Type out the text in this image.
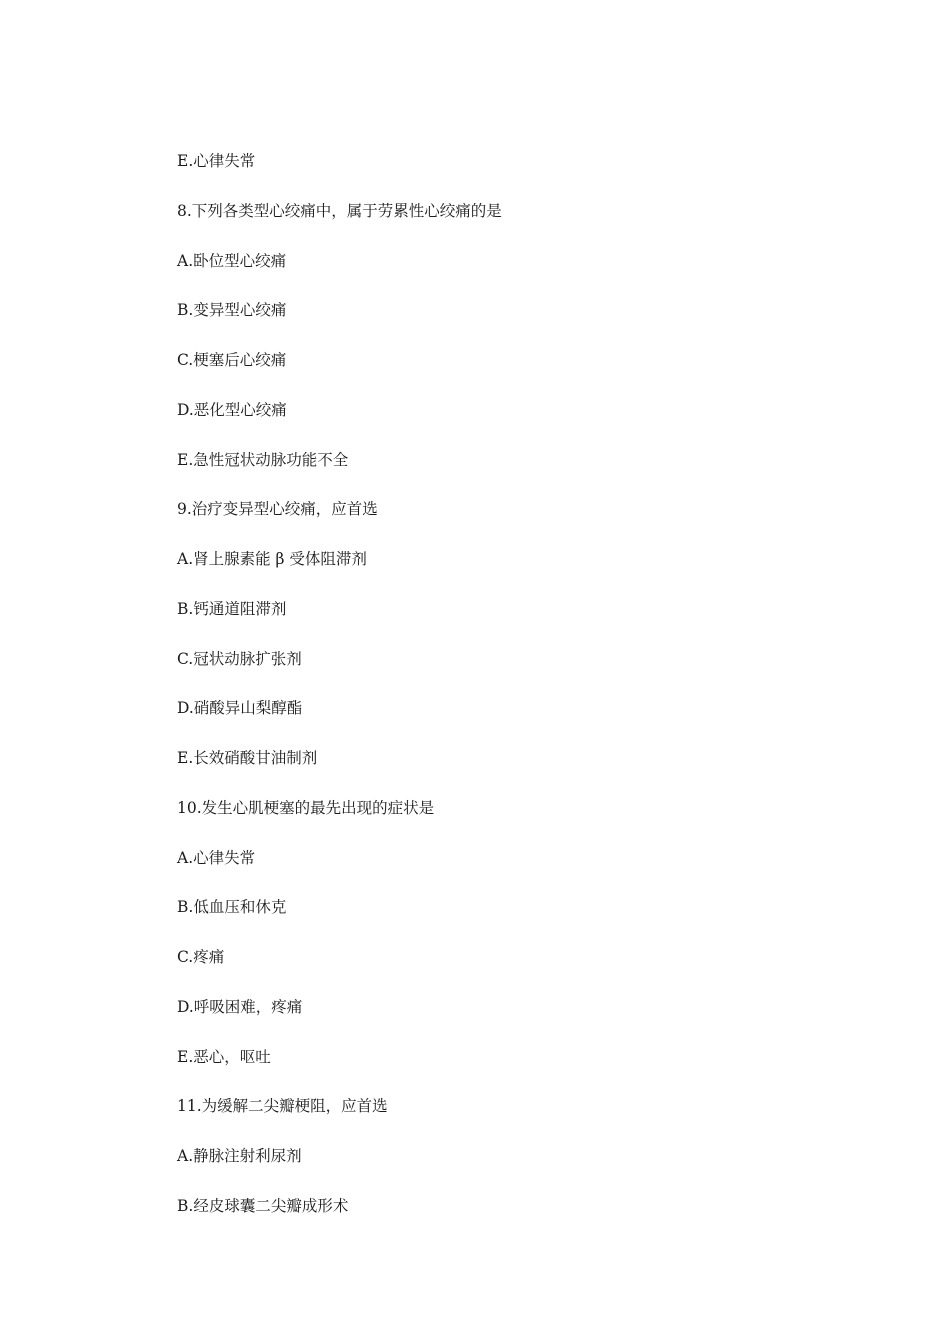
E.心律失常
8.下列各类型心绞痛中，属于劳累性心绞痛的是
A.卧位型心绞痛
B.变异型心绞痛
C.梗塞后心绞痛
D.恶化型心绞痛
E.急性冠状动脉功能不全
9.治疗变异型心绞痛，应首选
A.肾上腺素能 β 受体阻滞剂
B.钙通道阻滞剂
C.冠状动脉扩张剂
D.硝酸异山梨醇酯
E.长效硝酸甘油制剂
10.发生心肌梗塞的最先出现的症状是
A.心律失常
B.低血压和休克
C.疼痛
D.呼吸困难，疼痛
E.恶心，呕吐
11.为缓解二尖瓣梗阻，应首选
A.静脉注射利尿剂
B.经皮球囊二尖瓣成形术
